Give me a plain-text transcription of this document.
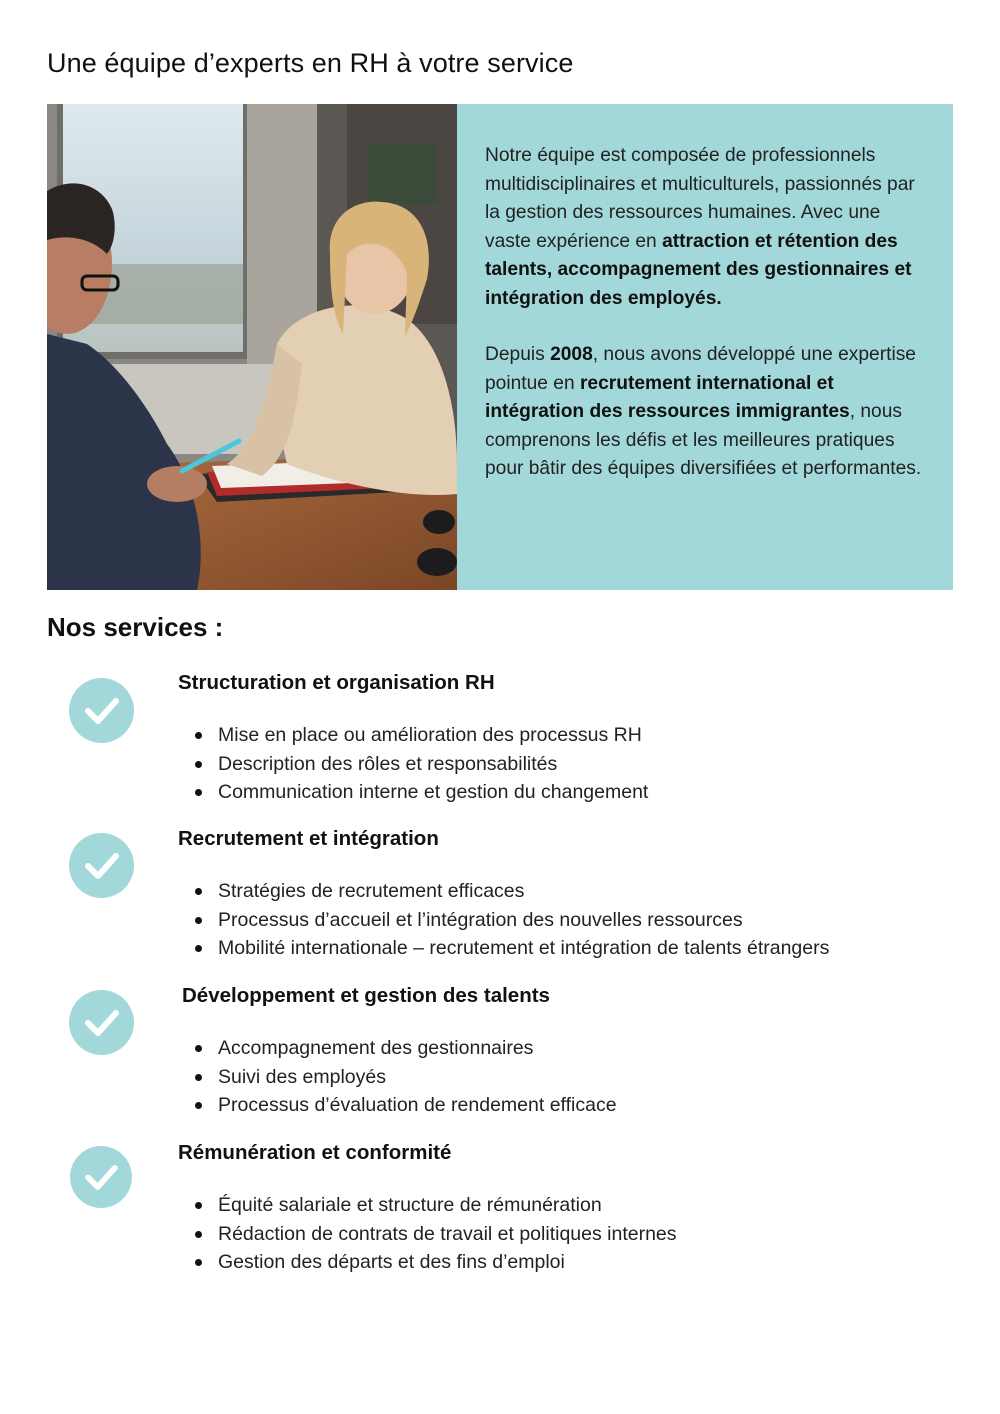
Une équipe d’experts en RH à votre service

Notre équipe est composée de professionnels multidisciplinaires et multiculturels, passionnés par la gestion des ressources humaines. Avec une vaste expérience en attraction et rétention des talents, accompagnement des gestionnaires et intégration des employés.

Depuis 2008, nous avons développé une expertise pointue en recrutement international et intégration des ressources immigrantes, nous comprenons les défis et les meilleures pratiques pour bâtir des équipes diversifiées et performantes.

Nos services :
Structuration et organisation RH
Mise en place ou amélioration des processus RH
Description des rôles et responsabilités
Communication interne et gestion du changement
Recrutement et intégration
Stratégies de recrutement efficaces
Processus d’accueil et l’intégration des nouvelles ressources
Mobilité internationale – recrutement et intégration de talents étrangers
Développement et gestion des talents
Accompagnement des gestionnaires
Suivi des employés
Processus d’évaluation de rendement efficace
Rémunération et conformité
Équité salariale et structure de rémunération
Rédaction de contrats de travail et politiques internes
Gestion des départs et des fins d’emploi
